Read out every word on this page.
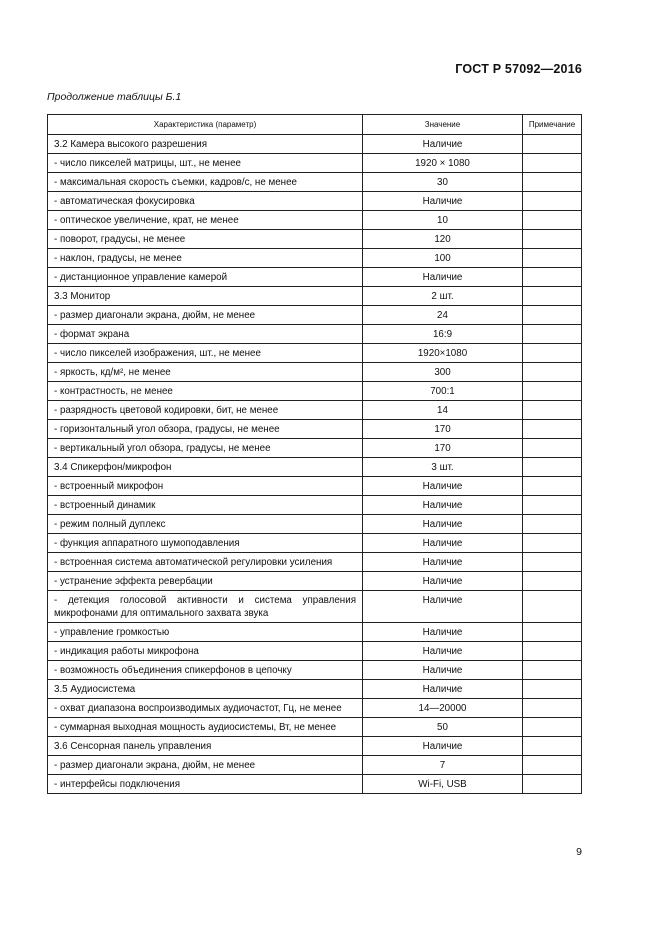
ГОСТ Р 57092—2016
Продолжение таблицы Б.1
Характеристика (параметр)	Значение	Примечание
3.2 Камера высокого разрешения	Наличие	
- число пикселей матрицы, шт., не менее	1920 × 1080	
- максимальная скорость съемки, кадров/с, не менее	30	
- автоматическая фокусировка	Наличие	
- оптическое увеличение, крат, не менее	10	
- поворот, градусы, не менее	120	
- наклон, градусы, не менее	100	
- дистанционное управление камерой	Наличие	
3.3 Монитор	2 шт.	
- размер диагонали экрана, дюйм, не менее	24	
- формат экрана	16:9	
- число пикселей изображения, шт., не менее	1920×1080	
- яркость, кд/м², не менее	300	
- контрастность, не менее	700:1	
- разрядность цветовой кодировки, бит, не менее	14	
- горизонтальный угол обзора, градусы, не менее	170	
- вертикальный угол обзора, градусы, не менее	170	
3.4 Спикерфон/микрофон	3 шт.	
- встроенный микрофон	Наличие	
- встроенный динамик	Наличие	
- режим полный дуплекс	Наличие	
- функция аппаратного шумоподавления	Наличие	
- встроенная система автоматической регулировки усиления	Наличие	
- устранение эффекта ревербации	Наличие	
- детекция голосовой активности и система управления микрофонами для оптимального захвата звука	Наличие	
- управление громкостью	Наличие	
- индикация работы микрофона	Наличие	
- возможность объединения спикерфонов в цепочку	Наличие	
3.5 Аудиосистема	Наличие	
- охват диапазона воспроизводимых аудиочастот, Гц, не менее	14—20000	
- суммарная выходная мощность аудиосистемы, Вт, не менее	50	
3.6 Сенсорная панель управления	Наличие	
- размер диагонали экрана, дюйм, не менее	7	
- интерфейсы подключения	Wi-Fi, USB	
9
